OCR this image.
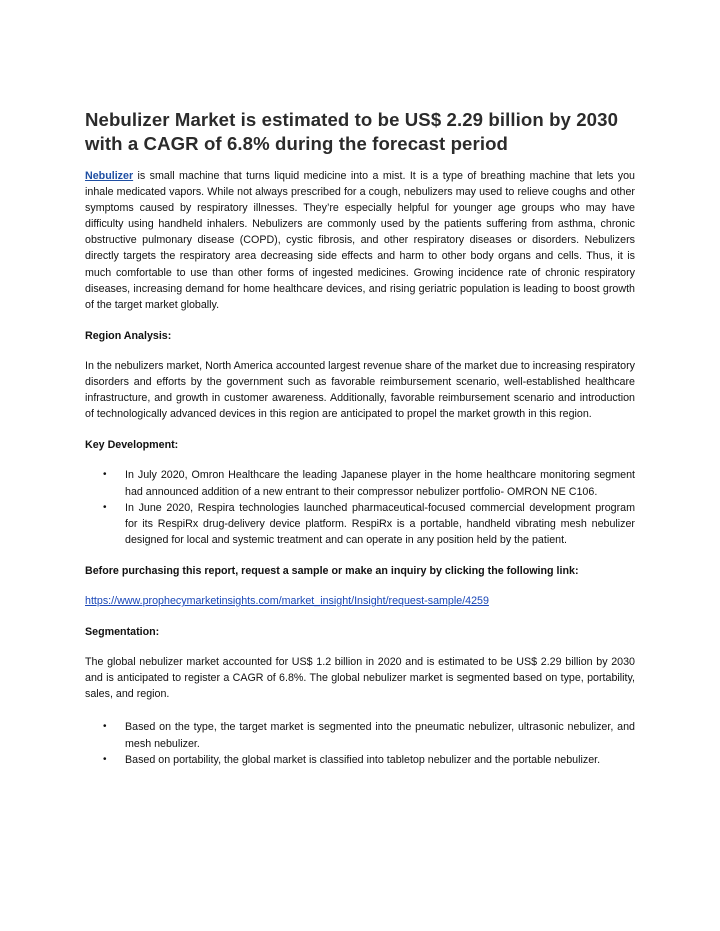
Nebulizer Market is estimated to be US$ 2.29 billion by 2030 with a CAGR of 6.8% during the forecast period

Nebulizer is small machine that turns liquid medicine into a mist. It is a type of breathing machine that lets you inhale medicated vapors. While not always prescribed for a cough, nebulizers may used to relieve coughs and other symptoms caused by respiratory illnesses. They’re especially helpful for younger age groups who may have difficulty using handheld inhalers. Nebulizers are commonly used by the patients suffering from asthma, chronic obstructive pulmonary disease (COPD), cystic fibrosis, and other respiratory diseases or disorders. Nebulizers directly targets the respiratory area decreasing side effects and harm to other body organs and cells. Thus, it is much comfortable to use than other forms of ingested medicines. Growing incidence rate of chronic respiratory diseases, increasing demand for home healthcare devices, and rising geriatric population is leading to boost growth of the target market globally.

Region Analysis:

In the nebulizers market, North America accounted largest revenue share of the market due to increasing respiratory disorders and efforts by the government such as favorable reimbursement scenario, well-established healthcare infrastructure, and growth in customer awareness. Additionally, favorable reimbursement scenario and introduction of technologically advanced devices in this region are anticipated to propel the market growth in this region.

Key Development:

• In July 2020, Omron Healthcare the leading Japanese player in the home healthcare monitoring segment had announced addition of a new entrant to their compressor nebulizer portfolio- OMRON NE C106.
• In June 2020, Respira technologies launched pharmaceutical-focused commercial development program for its RespiRx drug-delivery device platform. RespiRx is a portable, handheld vibrating mesh nebulizer designed for local and systemic treatment and can operate in any position held by the patient.

Before purchasing this report, request a sample or make an inquiry by clicking the following link:

https://www.prophecymarketinsights.com/market_insight/Insight/request-sample/4259

Segmentation:

The global nebulizer market accounted for US$ 1.2 billion in 2020 and is estimated to be US$ 2.29 billion by 2030 and is anticipated to register a CAGR of 6.8%. The global nebulizer market is segmented based on type, portability, sales, and region.

• Based on the type, the target market is segmented into the pneumatic nebulizer, ultrasonic nebulizer, and mesh nebulizer.
• Based on portability, the global market is classified into tabletop nebulizer and the portable nebulizer.
